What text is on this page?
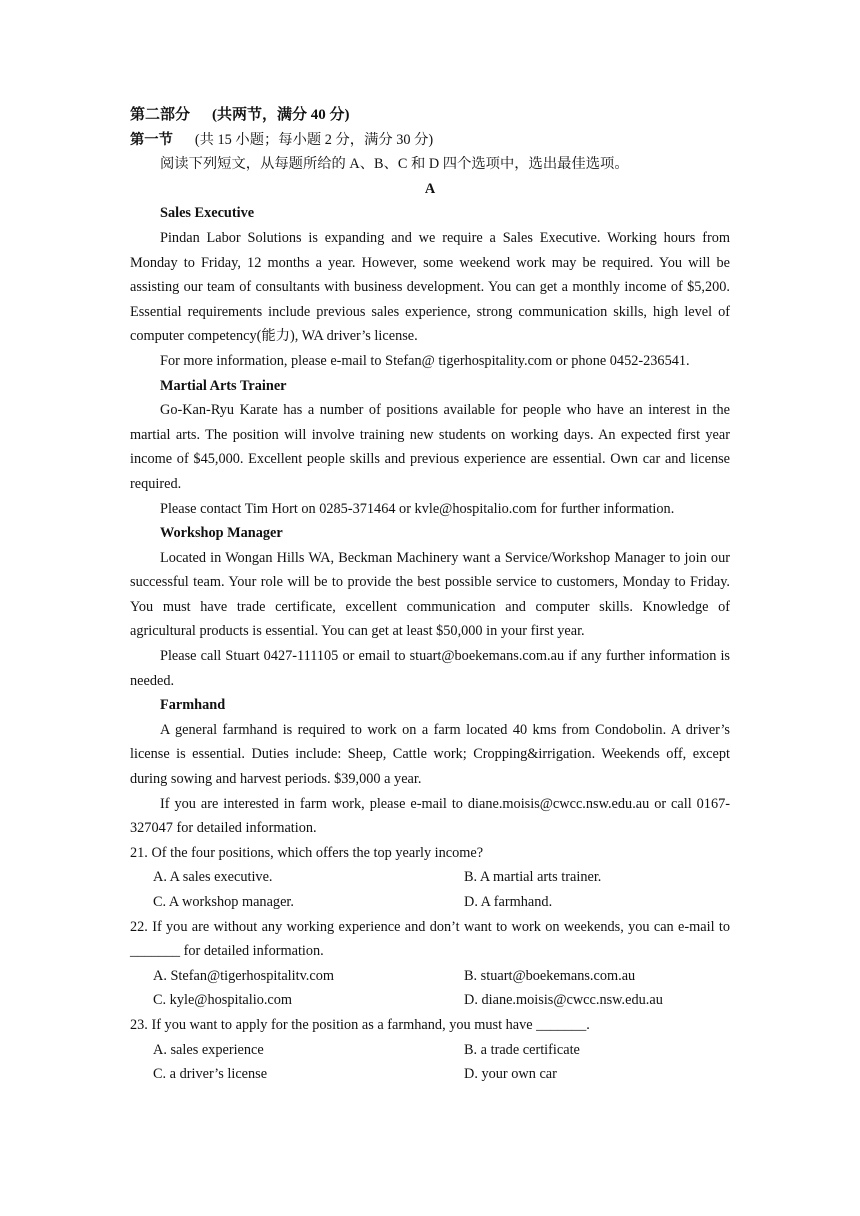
第二部分 (共两节，满分 40 分)
第一节 (共 15 小题；每小题 2 分，满分 30 分)
阅读下列短文，从每题所给的 A、B、C 和 D 四个选项中，选出最佳选项。
A
Sales Executive

Pindan Labor Solutions is expanding and we require a Sales Executive. Working hours from Monday to Friday, 12 months a year. However, some weekend work may be required. You will be assisting our team of consultants with business development. You can get a monthly income of $5,200. Essential requirements include previous sales experience, strong communication skills, high level of computer competency(能力), WA driver’s license.

For more information, please e-mail to Stefan@ tigerhospitality.com or phone 0452-236541.

Martial Arts Trainer

Go-Kan-Ryu Karate has a number of positions available for people who have an interest in the martial arts. The position will involve training new students on working days. An expected first year income of $45,000. Excellent people skills and previous experience are essential. Own car and license required.

Please contact Tim Hort on 0285-371464 or kvle@hospitalio.com for further information.

Workshop Manager

Located in Wongan Hills WA, Beckman Machinery want a Service/Workshop Manager to join our successful team. Your role will be to provide the best possible service to customers, Monday to Friday. You must have trade certificate, excellent communication and computer skills. Knowledge of agricultural products is essential. You can get at least $50,000 in your first year.

Please call Stuart 0427-111105 or email to stuart@boekemans.com.au if any further information is needed.

Farmhand

A general farmhand is required to work on a farm located 40 kms from Condobolin. A driver’s license is essential. Duties include: Sheep, Cattle work; Cropping&irrigation. Weekends off, except during sowing and harvest periods. $39,000 a year.

If you are interested in farm work, please e-mail to diane.moisis@cwcc.nsw.edu.au or call 0167-327047 for detailed information.

21. Of the four positions, which offers the top yearly income?

A. A sales executive.	B. A martial arts trainer.
C. A workshop manager.	D. A farmhand.

22. If you are without any working experience and don’t want to work on weekends, you can e-mail to _______ for detailed information.

A. Stefan@tigerhospitalitv.com	B. stuart@boekemans.com.au
C. kyle@hospitalio.com	D. diane.moisis@cwcc.nsw.edu.au

23. If you want to apply for the position as a farmhand, you must have _______.

A. sales experience	B. a trade certificate
C. a driver’s license	D. your own car
